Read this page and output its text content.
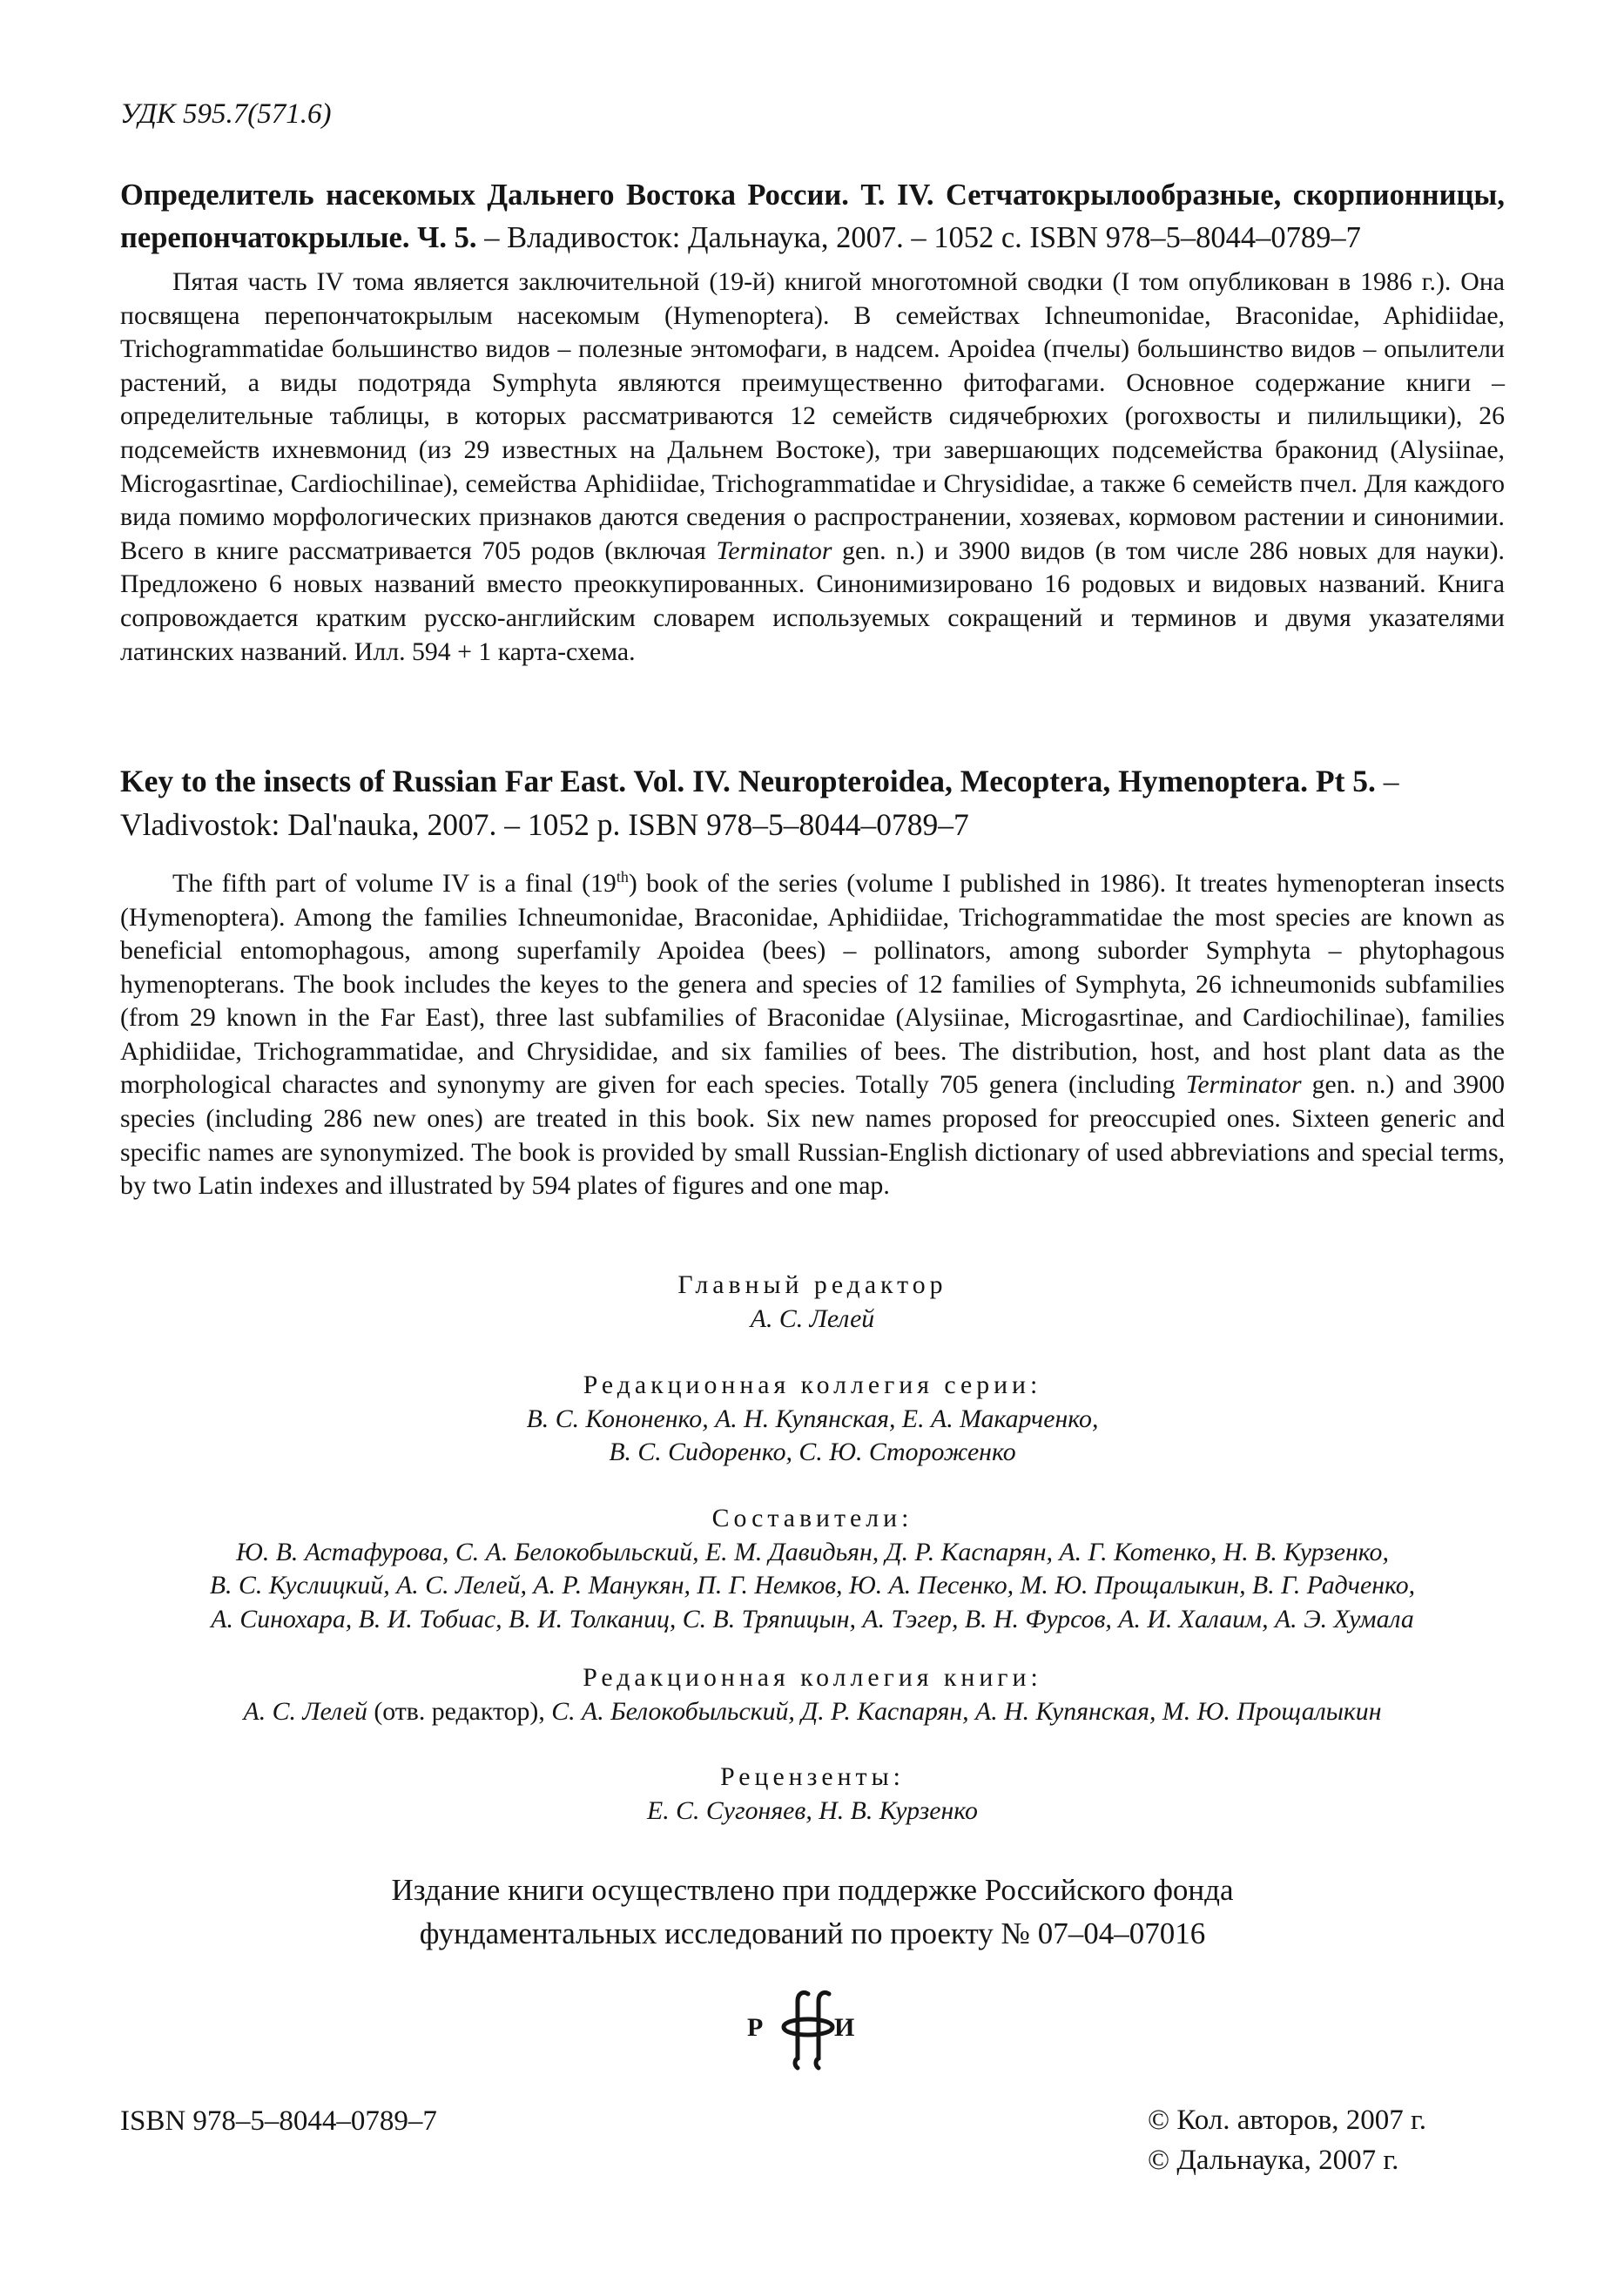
УДК 595.7(571.6)
Определитель насекомых Дальнего Востока России. Т. IV. Сетчатокрылообразные, скорпионницы, перепончатокрылые. Ч. 5. – Владивосток: Дальнаука, 2007. – 1052 с. ISBN 978–5–8044–0789–7

Пятая часть IV тома является заключительной (19-й) книгой многотомной сводки (I том опубликован в 1986 г.). Она посвящена перепончатокрылым насекомым (Hymenoptera). В семействах Ichneumonidae, Braconidae, Aphidiidae, Trichogrammatidae большинство видов – полезные энтомофаги, в надсем. Apoidea (пчелы) большинство видов – опылители растений, а виды подотряда Symphyta являются преимущественно фитофагами. Основное содержание книги – определительные таблицы, в которых рассматриваются 12 семейств сидячебрюхих (рогохвосты и пилильщики), 26 подсемейств ихневмонид (из 29 известных на Дальнем Востоке), три завершающих подсемейства браконид (Alysiinae, Microgasrtinae, Cardiochilinae), семейства Aphidiidae, Trichogrammatidae и Chrysididae, а также 6 семейств пчел. Для каждого вида помимо морфологических признаков даются сведения о распространении, хозяевах, кормовом растении и синонимии. Всего в книге рассматривается 705 родов (включая Terminator gen. n.) и 3900 видов (в том числе 286 новых для науки). Предложено 6 новых названий вместо преоккупированных. Синонимизировано 16 родовых и видовых названий. Книга сопровождается кратким русско-английским словарем используемых сокращений и терминов и двумя указателями латинских названий. Илл. 594 + 1 карта-схема.

Key to the insects of Russian Far East. Vol. IV. Neuropteroidea, Mecoptera, Hymenoptera. Pt 5. –
Vladivostok: Dal'nauka, 2007. – 1052 p. ISBN 978–5–8044–0789–7

The fifth part of volume IV is a final (19th) book of the series (volume I published in 1986). It treates hymenopteran insects (Hymenoptera). Among the families Ichneumonidae, Braconidae, Aphidiidae, Trichogrammatidae the most species are known as beneficial entomophagous, among superfamily Apoidea (bees) – pollinators, among suborder Symphyta – phytophagous hymenopterans. The book includes the keyes to the genera and species of 12 families of Symphyta, 26 ichneumonids subfamilies (from 29 known in the Far East), three last subfamilies of Braconidae (Alysiinae, Microgasrtinae, and Cardiochilinae), families Aphidiidae, Trichogrammatidae, and Chrysididae, and six families of bees. The distribution, host, and host plant data as the morphological charactes and synonymy are given for each species. Totally 705 genera (including Terminator gen. n.) and 3900 species (including 286 new ones) are treated in this book. Six new names proposed for preoccupied ones. Sixteen generic and specific names are synonymized. The book is provided by small Russian-English dictionary of used abbreviations and special terms, by two Latin indexes and illustrated by 594 plates of figures and one map.

Главный редактор
А. С. Лелей
Редакционная коллегия серии:
В. С. Кононенко, А. Н. Купянская, Е. А. Макарченко,
В. С. Сидоренко, С. Ю. Стороженко
Составители:
Ю. В. Астафурова, С. А. Белокобыльский, Е. М. Давидьян, Д. Р. Каспарян, А. Г. Котенко, Н. В. Курзенко,
В. С. Куслицкий, А. С. Лелей, А. Р. Манукян, П. Г. Немков, Ю. А. Песенко, М. Ю. Прощалыкин, В. Г. Радченко,
А. Синохара, В. И. Тобиас, В. И. Толканиц, С. В. Тряпицын, А. Тэгер, В. Н. Фурсов, А. И. Халаим, А. Э. Хумала
Редакционная коллегия книги:
А. С. Лелей (отв. редактор), С. А. Белокобыльский, Д. Р. Каспарян, А. Н. Купянская, М. Ю. Прощалыкин
Рецензенты:
Е. С. Сугоняев, Н. В. Курзенко
Издание книги осуществлено при поддержке Российского фонда
фундаментальных исследований по проекту № 07–04–07016
Р	И
ISBN 978–5–8044–0789–7	© Кол. авторов, 2007 г.
© Дальнаука, 2007 г.
